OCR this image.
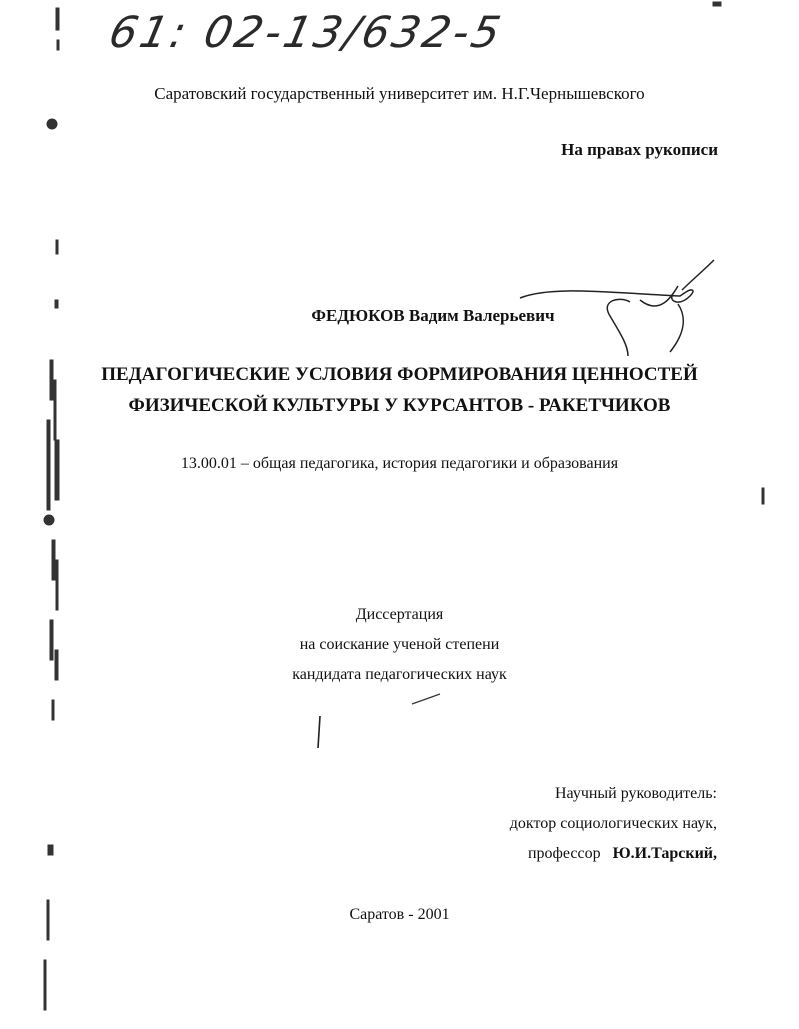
61: 02-13/632-5
Саратовский государственный университет им. Н.Г.Чернышевского
На правах рукописи
ФЕДЮКОВ Вадим Валерьевич
ПЕДАГОГИЧЕСКИЕ УСЛОВИЯ ФОРМИРОВАНИЯ ЦЕННОСТЕЙ
ФИЗИЧЕСКОЙ КУЛЬТУРЫ У КУРСАНТОВ - РАКЕТЧИКОВ
13.00.01 – общая педагогика, история педагогики и образования
Диссертация
на соискание ученой степени
кандидата педагогических наук
Научный руководитель:
доктор социологических наук,
профессор Ю.И.Тарский,
Саратов - 2001
